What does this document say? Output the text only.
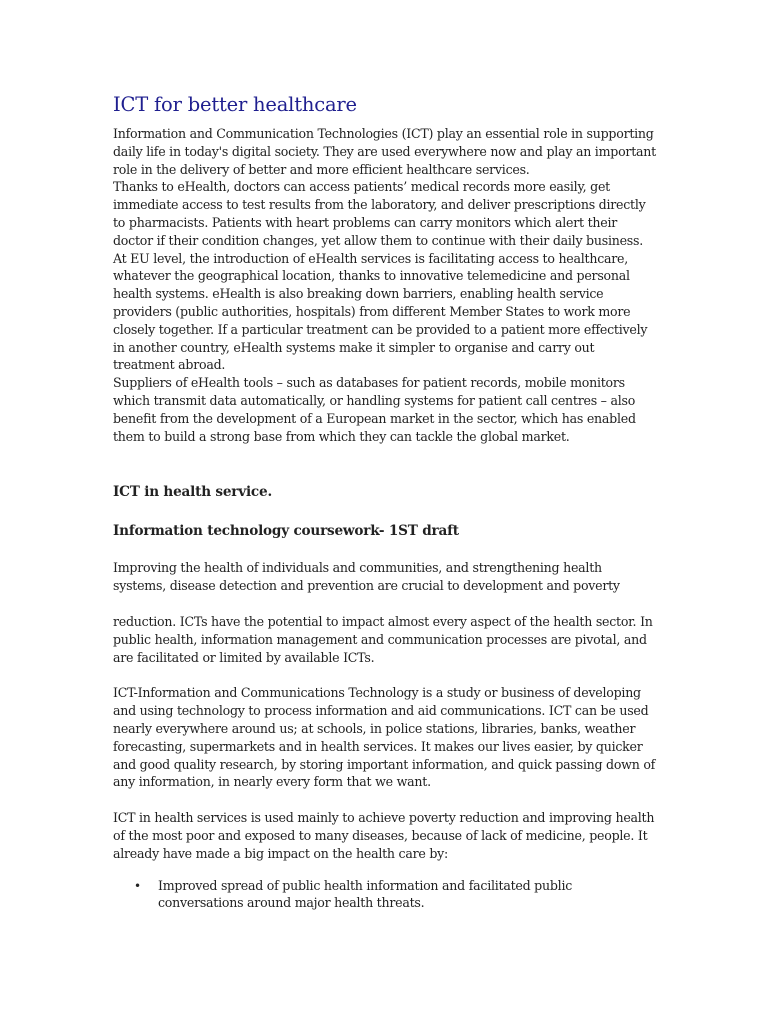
ICT for better healthcare

Information and Communication Technologies (ICT) play an essential role in supporting daily life in today's digital society. They are used everywhere now and play an important role in the delivery of better and more efficient healthcare services.

Thanks to eHealth, doctors can access patients’ medical records more easily, get immediate access to test results from the laboratory, and deliver prescriptions directly to pharmacists. Patients with heart problems can carry monitors which alert their doctor if their condition changes, yet allow them to continue with their daily business.

At EU level, the introduction of eHealth services is facilitating access to healthcare, whatever the geographical location, thanks to innovative telemedicine and personal health systems. eHealth is also breaking down barriers, enabling health service providers (public authorities, hospitals) from different Member States to work more closely together. If a particular treatment can be provided to a patient more effectively in another country, eHealth systems make it simpler to organise and carry out treatment abroad.

Suppliers of eHealth tools – such as databases for patient records, mobile monitors which transmit data automatically, or handling systems for patient call centres – also benefit from the development of a European market in the sector, which has enabled them to build a strong base from which they can tackle the global market.

ICT in health service.
Information technology coursework- 1ST draft

Improving the health of individuals and communities, and strengthening health systems, disease detection and prevention are crucial to development and poverty

reduction. ICTs have the potential to impact almost every aspect of the health sector. In public health, information management and communication processes are pivotal, and are facilitated or limited by available ICTs.

ICT-Information and Communications Technology is a study or business of developing and using technology to process information and aid communications. ICT can be used nearly everywhere around us; at schools, in police stations, libraries, banks, weather forecasting, supermarkets and in health services. It makes our lives easier, by quicker and good quality research, by storing important information, and quick passing down of any information, in nearly every form that we want.

ICT in health services is used mainly to achieve poverty reduction and improving health of the most poor and exposed to many diseases, because of lack of medicine, people. It already have made a big impact on the health care by:

• Improved spread of public health information and facilitated public conversations around major health threats.
